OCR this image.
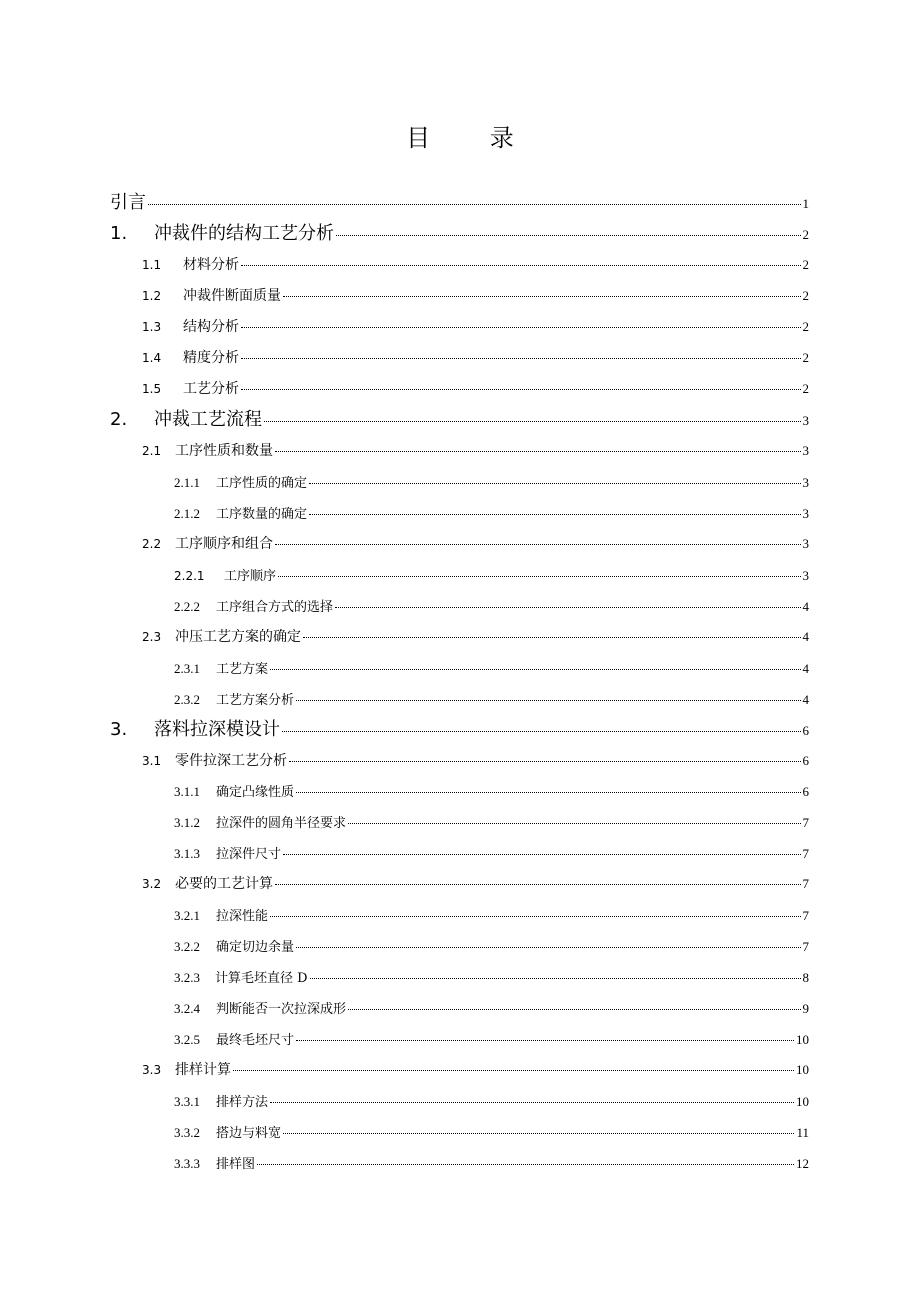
目 录
引言	1
1.	冲裁件的结构工艺分析	2
1.1	材料分析	2
1.2	冲裁件断面质量	2
1.3	结构分析	2
1.4	精度分析	2
1.5	工艺分析	2
2.	冲裁工艺流程	3
2.1 工序性质和数量	3
2.1.1	工序性质的确定	3
2.1.2	工序数量的确定	3
2.2 工序顺序和组合	3
2.2.1	工序顺序	3
2.2.2	工序组合方式的选择	4
2.3 冲压工艺方案的确定	4
2.3.1	工艺方案	4
2.3.2	工艺方案分析	4
3.	落料拉深模设计	6
3.1 零件拉深工艺分析	6
3.1.1	确定凸缘性质	6
3.1.2	拉深件的圆角半径要求	7
3.1.3	拉深件尺寸	7
3.2 必要的工艺计算	7
3.2.1	拉深性能	7
3.2.2	确定切边余量	7
3.2.3	计算毛坯直径 D	8
3.2.4	判断能否一次拉深成形	9
3.2.5	最终毛坯尺寸	10
3.3 排样计算	10
3.3.1	排样方法	10
3.3.2	搭边与料宽	11
3.3.3	排样图	12
